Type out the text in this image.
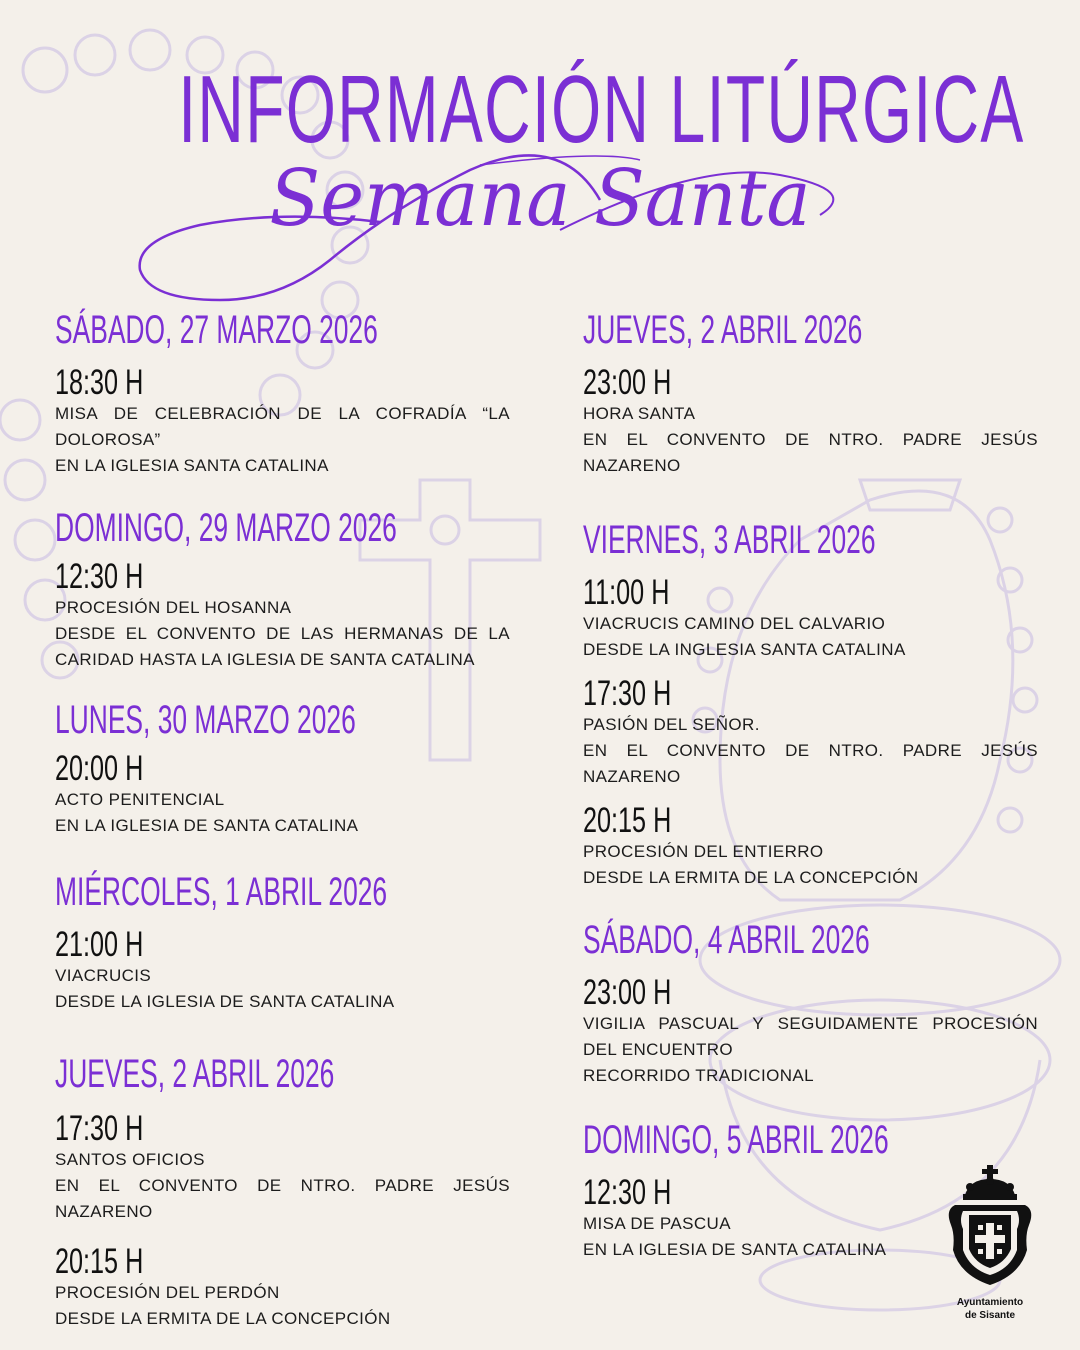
INFORMACIÓN LITÚRGICA
Semana Santa
SÁBADO, 27 MARZO 2026
18:30 H

MISA DE CELEBRACIÓN DE LA COFRADÍA “LA DOLOROSA”

EN LA IGLESIA SANTA CATALINA

DOMINGO, 29 MARZO 2026
12:30 H

PROCESIÓN DEL HOSANNA

DESDE EL CONVENTO DE LAS HERMANAS DE LA CARIDAD HASTA LA IGLESIA DE SANTA CATALINA

LUNES, 30 MARZO 2026
20:00 H

ACTO PENITENCIAL

EN LA IGLESIA DE SANTA CATALINA

MIÉRCOLES, 1 ABRIL 2026
21:00 H

VIACRUCIS

DESDE LA IGLESIA DE SANTA CATALINA

JUEVES, 2 ABRIL 2026
17:30 H

SANTOS OFICIOS

EN EL CONVENTO DE NTRO. PADRE JESÚS NAZARENO

20:15 H

PROCESIÓN DEL PERDÓN

DESDE LA ERMITA DE LA CONCEPCIÓN

JUEVES, 2 ABRIL 2026
23:00 H

HORA SANTA

EN EL CONVENTO DE NTRO. PADRE JESÚS NAZARENO

VIERNES, 3 ABRIL 2026
11:00 H

VIACRUCIS CAMINO DEL CALVARIO

DESDE LA INGLESIA SANTA CATALINA

17:30 H

PASIÓN DEL SEÑOR.

EN EL CONVENTO DE NTRO. PADRE JESÚS NAZARENO

20:15 H

PROCESIÓN DEL ENTIERRO

DESDE LA ERMITA DE LA CONCEPCIÓN

SÁBADO, 4 ABRIL 2026
23:00 H

VIGILIA PASCUAL Y SEGUIDAMENTE PROCESIÓN DEL ENCUENTRO

RECORRIDO TRADICIONAL

DOMINGO, 5 ABRIL 2026
12:30 H

MISA DE PASCUA

EN LA IGLESIA DE SANTA CATALINA

Ayuntamiento
de Sisante
